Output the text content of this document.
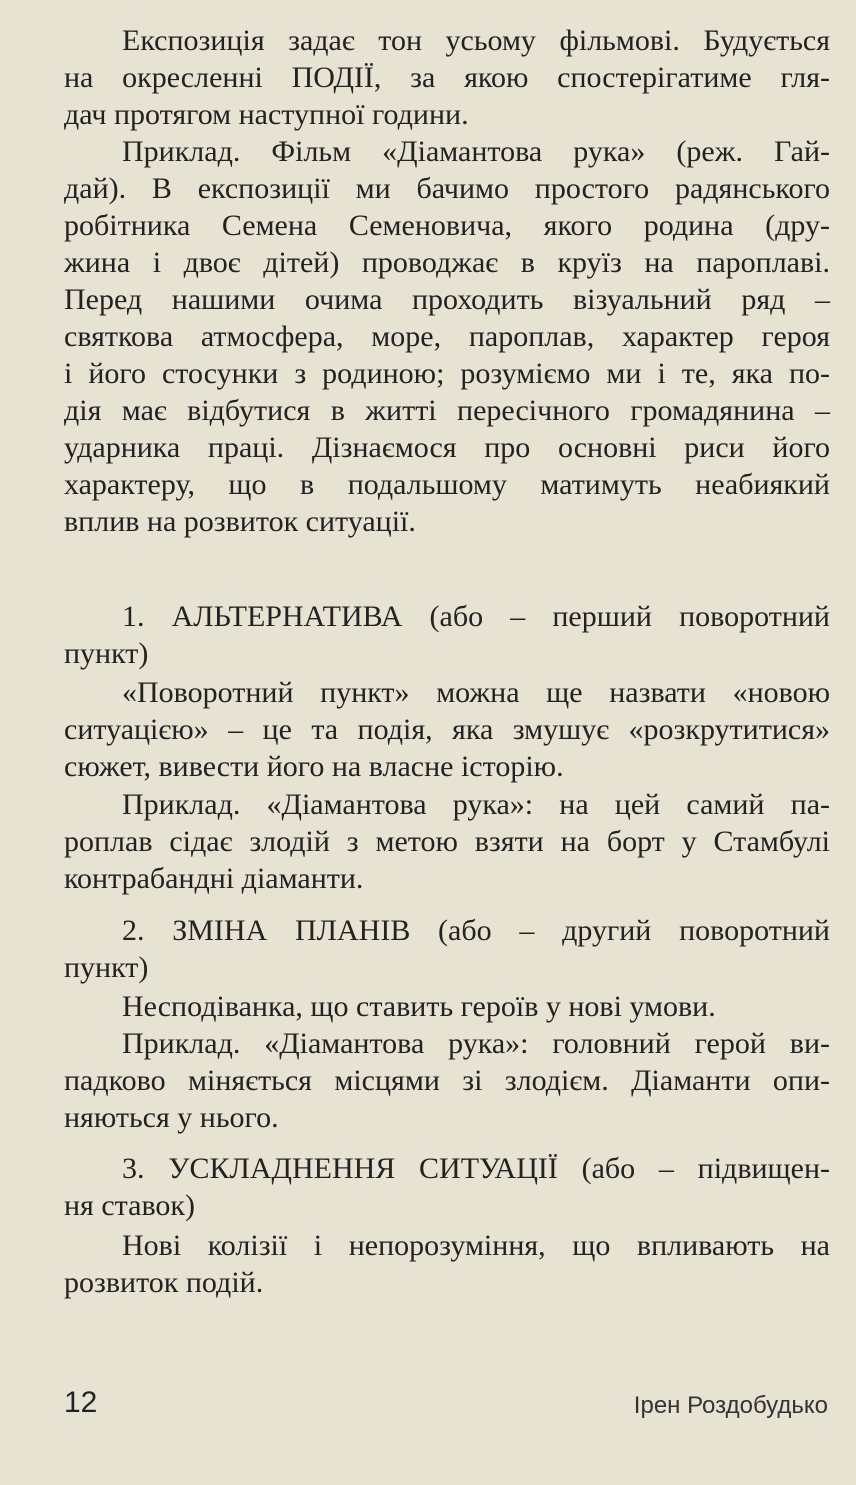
Експозиція задає тон усьому фільмові. Будується
на окресленні ПОДІЇ, за якою спостерігатиме гля-
дач протягом наступної години.
Приклад. Фільм «Діамантова рука» (реж. Гай-
дай). В експозиції ми бачимо простого радянського
робітника Семена Семеновича, якого родина (дру-
жина і двоє дітей) проводжає в круїз на пароплаві.
Перед нашими очима проходить візуальний ряд –
святкова атмосфера, море, пароплав, характер героя
і його стосунки з родиною; розуміємо ми і те, яка по-
дія має відбутися в житті пересічного громадянина –
ударника праці. Дізнаємося про основні риси його
характеру, що в подальшому матимуть неабиякий
вплив на розвиток ситуації.
1. АЛЬТЕРНАТИВА (або – перший поворотний
пункт)
«Поворотний пункт» можна ще назвати «новою
ситуацією» – це та подія, яка змушує «розкрутитися»
сюжет, вивести його на власне історію.
Приклад. «Діамантова рука»: на цей самий па-
роплав сідає злодій з метою взяти на борт у Стамбулі
контрабандні діаманти.
2. ЗМІНА ПЛАНІВ (або – другий поворотний
пункт)
Несподіванка, що ставить героїв у нові умови.
Приклад. «Діамантова рука»: головний герой ви-
падково міняється місцями зі злодієм. Діаманти опи-
няються у нього.
3. УСКЛАДНЕННЯ СИТУАЦІЇ (або – підвищен-
ня ставок)
Нові колізії і непорозуміння, що впливають на
розвиток подій.
12	Ірен Роздобудько
